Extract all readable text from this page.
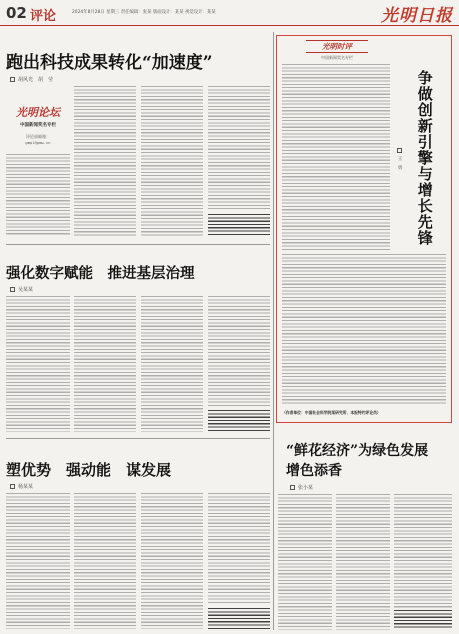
02 评论	2024年8月28日 星期三 责任编辑：张某 版面设计：某某 视觉设计：某某	光明日报
跑出科技成果转化“加速度”
胡风光　胡　莹
光明论坛
中国新闻奖名专栏
评论部邮箱：
gmpl@gmw.cn
强化数字赋能　推进基层治理
吴某某
塑优势　强动能　谋发展
杨某某
光明时评
中国新闻奖名专栏
争做创新引擎与增长先锋
王　勇
（作者单位：中国社会科学院某研究所、本报特约评论员）
“鲜花经济”为绿色发展
增色添香
张小某
